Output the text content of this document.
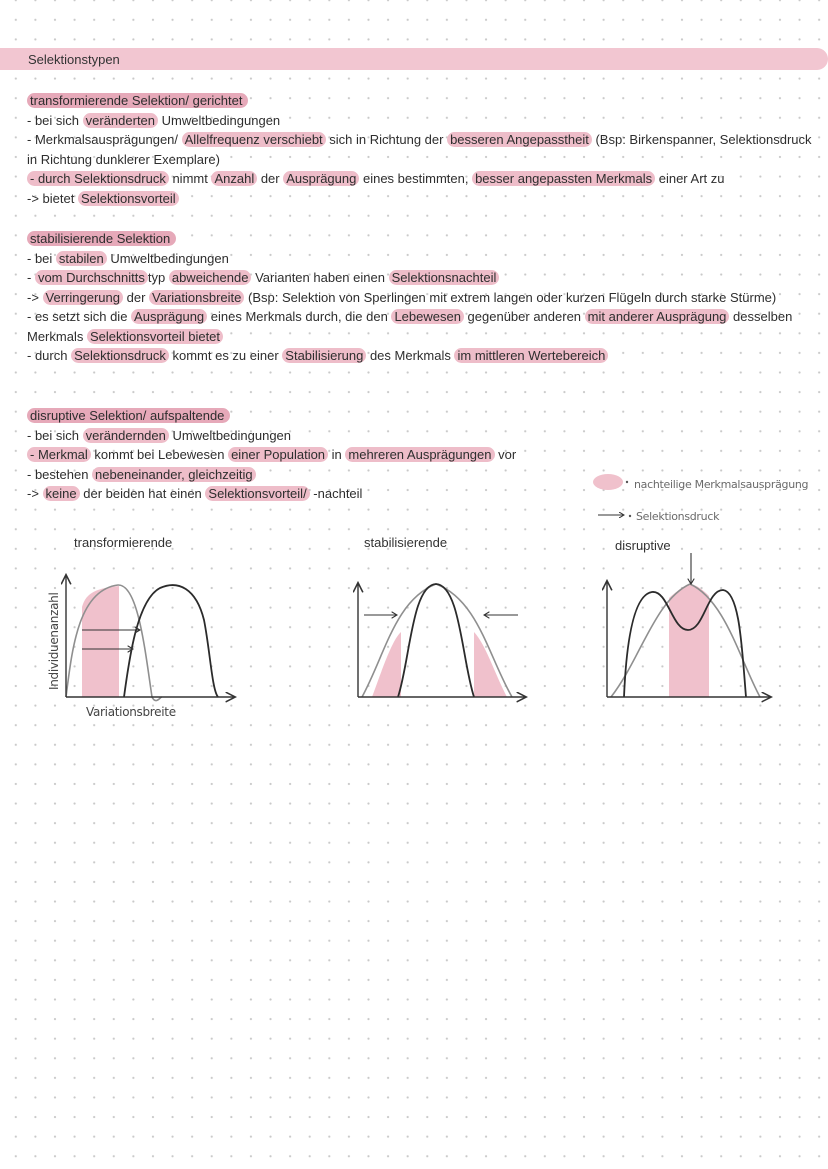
Selektionstypen
transformierende Selektion/ gerichtet
- bei sich veränderten Umweltbedingungen
- Merkmalsausprägungen/ Allelfrequenz verschiebt sich in Richtung der besseren Angepasstheit (Bsp: Birkenspanner, Selektionsdruck in Richtung dunklerer Exemplare)
- durch Selektionsdruck nimmt Anzahl der Ausprägung eines bestimmten, besser angepassten Merkmals einer Art zu
-> bietet Selektionsvorteil
stabilisierende Selektion
- bei stabilen Umweltbedingungen
- vom Durchschnitts typ abweichende Varianten haben einen Selektionsnachteil
-> Verringerung der Variationsbreite (Bsp: Selektion von Sperlingen mit extrem langen oder kurzen Flügeln durch starke Stürme)
- es setzt sich die Ausprägung eines Merkmals durch, die den Lebewesen gegenüber anderen mit anderer Ausprägung desselben Merkmals Selektionsvorteil bietet
- durch Selektionsdruck kommt es zu einer Stabilisierung des Merkmals im mittleren Wertebereich
disruptive Selektion/ aufspaltende
- bei sich verändernden Umweltbedingungen
- Merkmal kommt bei Lebewesen einer Population in mehreren Ausprägungen vor
- bestehen nebeneinander, gleichzeitig
-> keine der beiden hat einen Selektionsvorteil/ -nachteil
nachteilige Merkmalsausprägung
Selektionsdruck
Individuenanzahl
Variationsbreite
transformierende	stabilisierende	disruptive
